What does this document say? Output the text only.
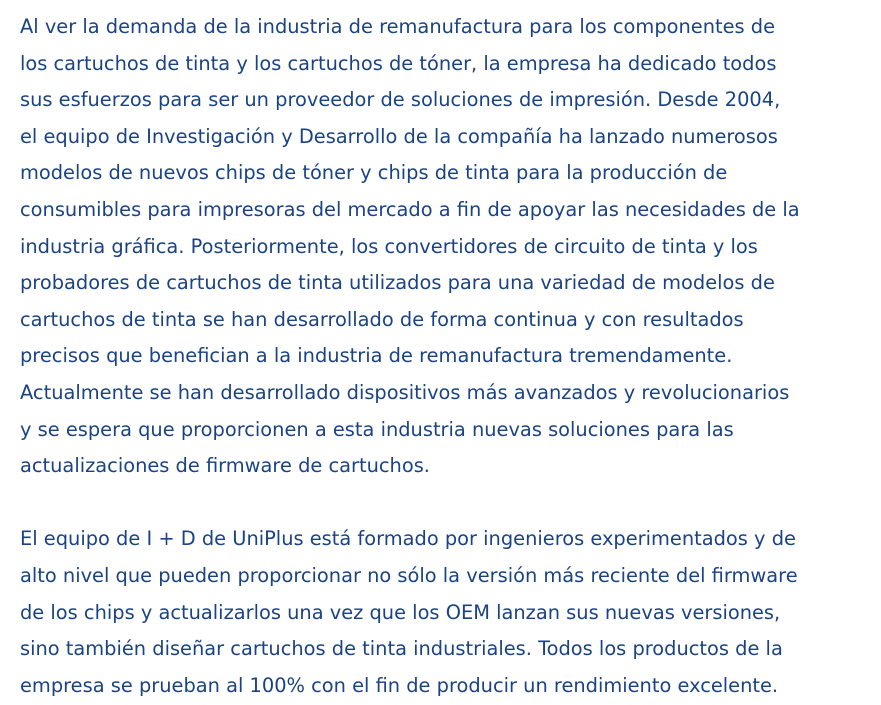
Al ver la demanda de la industria de remanufactura para los componentes de
los cartuchos de tinta y los cartuchos de tóner, la empresa ha dedicado todos
sus esfuerzos para ser un proveedor de soluciones de impresión. Desde 2004,
el equipo de Investigación y Desarrollo de la compañía ha lanzado numerosos
modelos de nuevos chips de tóner y chips de tinta para la producción de
consumibles para impresoras del mercado a fin de apoyar las necesidades de la
industria gráfica. Posteriormente, los convertidores de circuito de tinta y los
probadores de cartuchos de tinta utilizados para una variedad de modelos de
cartuchos de tinta se han desarrollado de forma continua y con resultados
precisos que benefician a la industria de remanufactura tremendamente.
Actualmente se han desarrollado dispositivos más avanzados y revolucionarios
y se espera que proporcionen a esta industria nuevas soluciones para las
actualizaciones de firmware de cartuchos.

El equipo de I + D de UniPlus está formado por ingenieros experimentados y de
alto nivel que pueden proporcionar no sólo la versión más reciente del firmware
de los chips y actualizarlos una vez que los OEM lanzan sus nuevas versiones,
sino también diseñar cartuchos de tinta industriales. Todos los productos de la
empresa se prueban al 100% con el fin de producir un rendimiento excelente.
